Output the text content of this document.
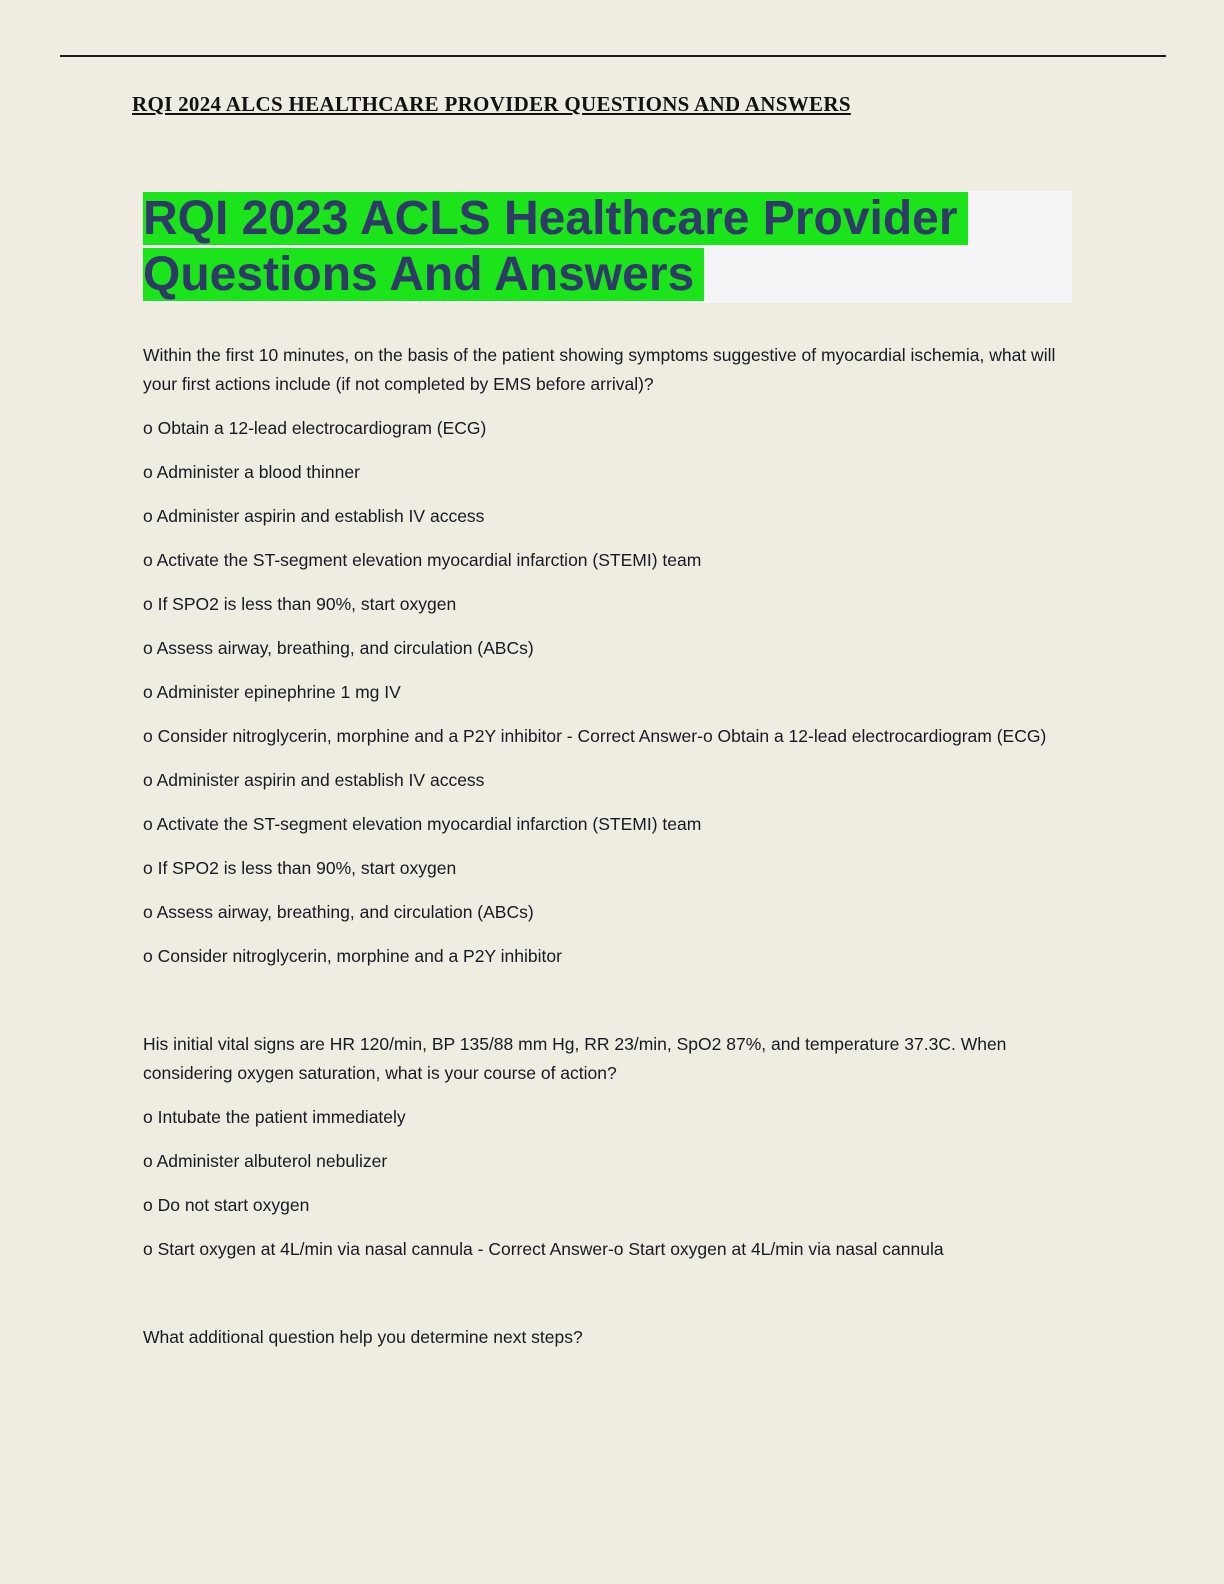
RQI 2024 ALCS HEALTHCARE PROVIDER QUESTIONS AND ANSWERS
RQI 2023 ACLS Healthcare Provider
Questions And Answers

Within the first 10 minutes, on the basis of the patient showing symptoms suggestive of myocardial ischemia, what will your first actions include (if not completed by EMS before arrival)?

o Obtain a 12-lead electrocardiogram (ECG)

o Administer a blood thinner

o Administer aspirin and establish IV access

o Activate the ST-segment elevation myocardial infarction (STEMI) team

o If SPO2 is less than 90%, start oxygen

o Assess airway, breathing, and circulation (ABCs)

o Administer epinephrine 1 mg IV

o Consider nitroglycerin, morphine and a P2Y inhibitor - Correct Answer-o Obtain a 12-lead electrocardiogram (ECG)

o Administer aspirin and establish IV access

o Activate the ST-segment elevation myocardial infarction (STEMI) team

o If SPO2 is less than 90%, start oxygen

o Assess airway, breathing, and circulation (ABCs)

o Consider nitroglycerin, morphine and a P2Y inhibitor

His initial vital signs are HR 120/min, BP 135/88 mm Hg, RR 23/min, SpO2 87%, and temperature 37.3C. When considering oxygen saturation, what is your course of action?

o Intubate the patient immediately

o Administer albuterol nebulizer

o Do not start oxygen

o Start oxygen at 4L/min via nasal cannula - Correct Answer-o Start oxygen at 4L/min via nasal cannula

What additional question help you determine next steps?
